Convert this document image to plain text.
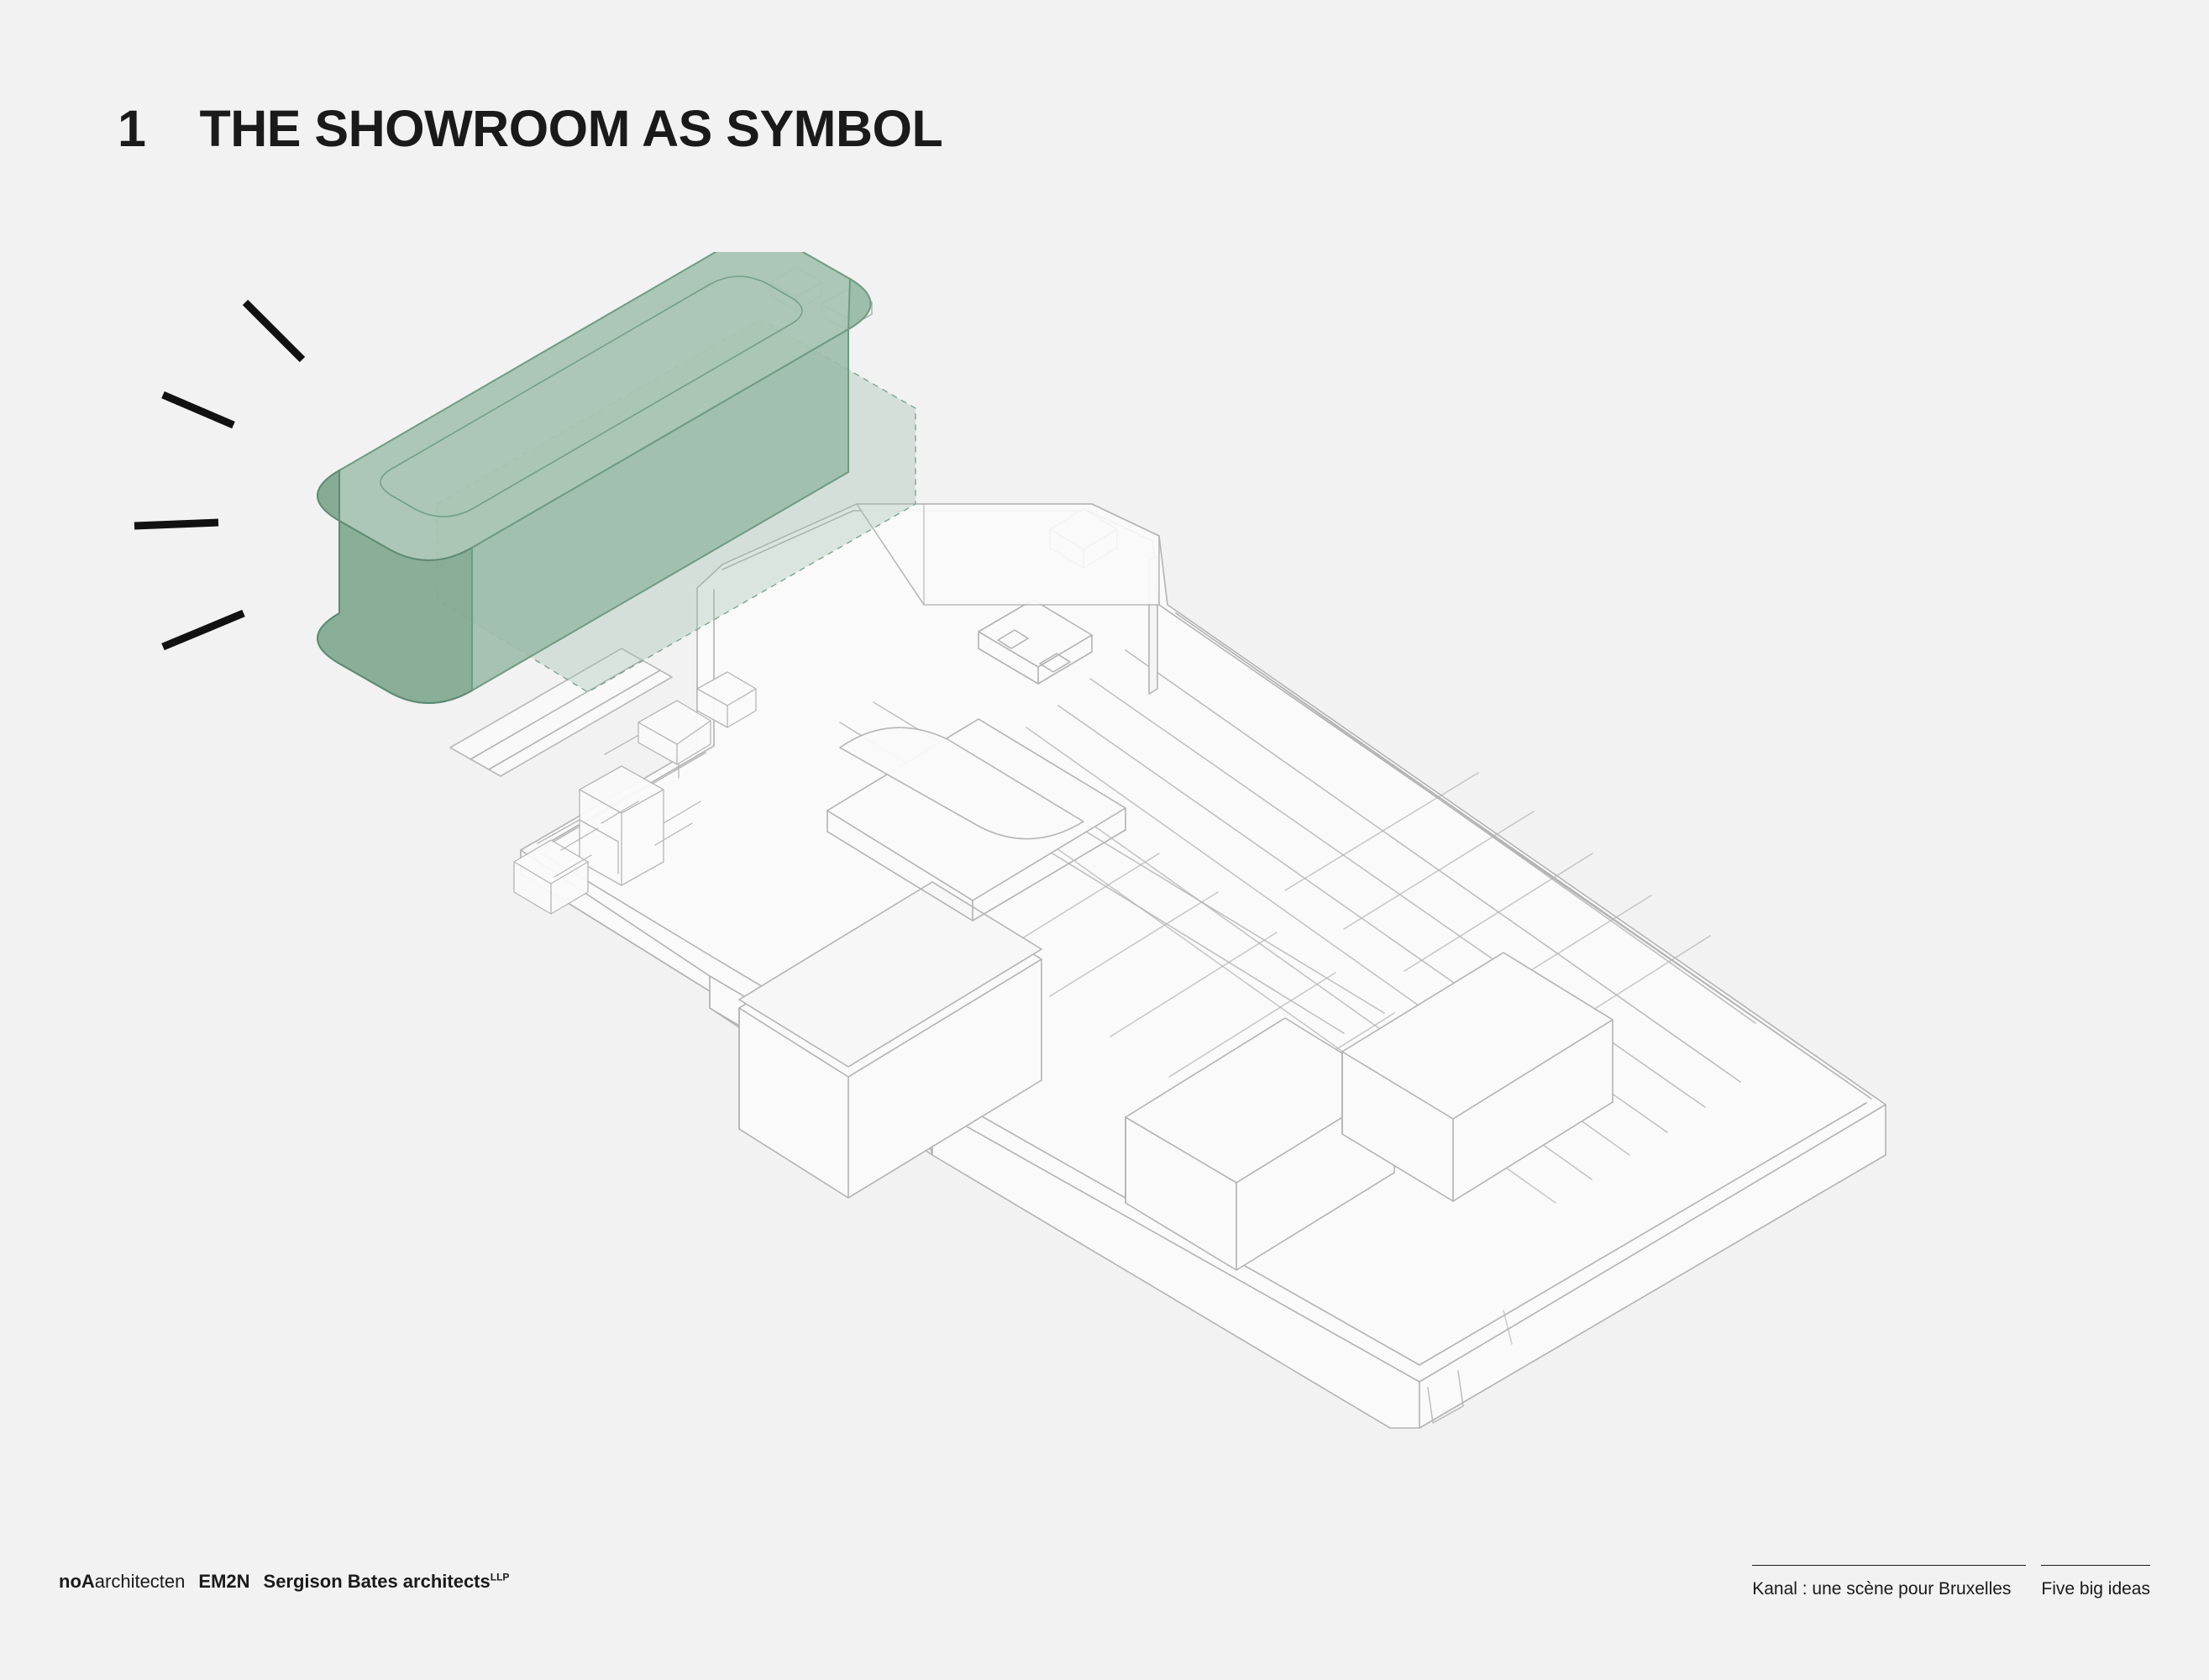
1 THE SHOWROOM AS SYMBOL
noAarchitecten EM2N Sergison Bates architects$^{LLP}$
Kanal : une scène pour Bruxelles	Five big ideas
